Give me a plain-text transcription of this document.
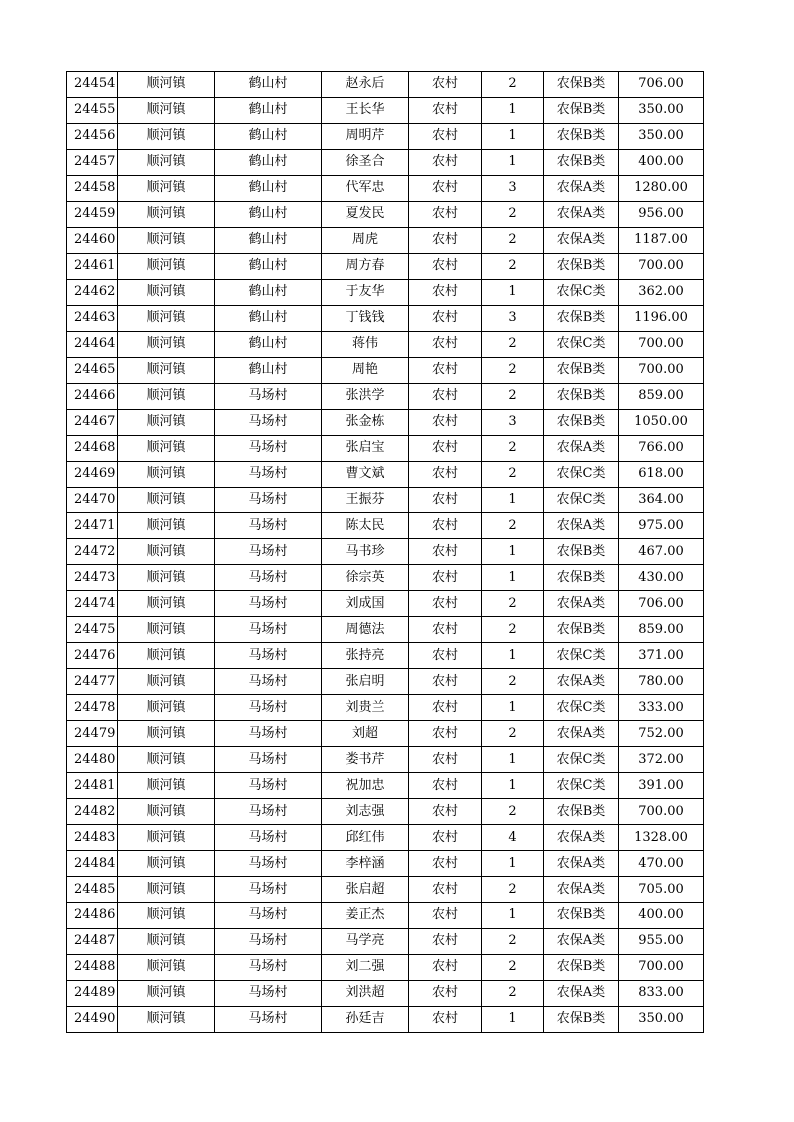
24454	顺河镇	鹤山村	赵永后	农村	2	农保B类	706.00
24455	顺河镇	鹤山村	王长华	农村	1	农保B类	350.00
24456	顺河镇	鹤山村	周明芹	农村	1	农保B类	350.00
24457	顺河镇	鹤山村	徐圣合	农村	1	农保B类	400.00
24458	顺河镇	鹤山村	代军忠	农村	3	农保A类	1280.00
24459	顺河镇	鹤山村	夏发民	农村	2	农保A类	956.00
24460	顺河镇	鹤山村	周虎	农村	2	农保A类	1187.00
24461	顺河镇	鹤山村	周方春	农村	2	农保B类	700.00
24462	顺河镇	鹤山村	于友华	农村	1	农保C类	362.00
24463	顺河镇	鹤山村	丁钱钱	农村	3	农保B类	1196.00
24464	顺河镇	鹤山村	蒋伟	农村	2	农保C类	700.00
24465	顺河镇	鹤山村	周艳	农村	2	农保B类	700.00
24466	顺河镇	马场村	张洪学	农村	2	农保B类	859.00
24467	顺河镇	马场村	张金栋	农村	3	农保B类	1050.00
24468	顺河镇	马场村	张启宝	农村	2	农保A类	766.00
24469	顺河镇	马场村	曹文斌	农村	2	农保C类	618.00
24470	顺河镇	马场村	王振芬	农村	1	农保C类	364.00
24471	顺河镇	马场村	陈太民	农村	2	农保A类	975.00
24472	顺河镇	马场村	马书珍	农村	1	农保B类	467.00
24473	顺河镇	马场村	徐宗英	农村	1	农保B类	430.00
24474	顺河镇	马场村	刘成国	农村	2	农保A类	706.00
24475	顺河镇	马场村	周德法	农村	2	农保B类	859.00
24476	顺河镇	马场村	张持亮	农村	1	农保C类	371.00
24477	顺河镇	马场村	张启明	农村	2	农保A类	780.00
24478	顺河镇	马场村	刘贵兰	农村	1	农保C类	333.00
24479	顺河镇	马场村	刘超	农村	2	农保A类	752.00
24480	顺河镇	马场村	娄书芹	农村	1	农保C类	372.00
24481	顺河镇	马场村	祝加忠	农村	1	农保C类	391.00
24482	顺河镇	马场村	刘志强	农村	2	农保B类	700.00
24483	顺河镇	马场村	邱红伟	农村	4	农保A类	1328.00
24484	顺河镇	马场村	李梓涵	农村	1	农保A类	470.00
24485	顺河镇	马场村	张启超	农村	2	农保A类	705.00
24486	顺河镇	马场村	姜正杰	农村	1	农保B类	400.00
24487	顺河镇	马场村	马学亮	农村	2	农保A类	955.00
24488	顺河镇	马场村	刘二强	农村	2	农保B类	700.00
24489	顺河镇	马场村	刘洪超	农村	2	农保A类	833.00
24490	顺河镇	马场村	孙廷吉	农村	1	农保B类	350.00
